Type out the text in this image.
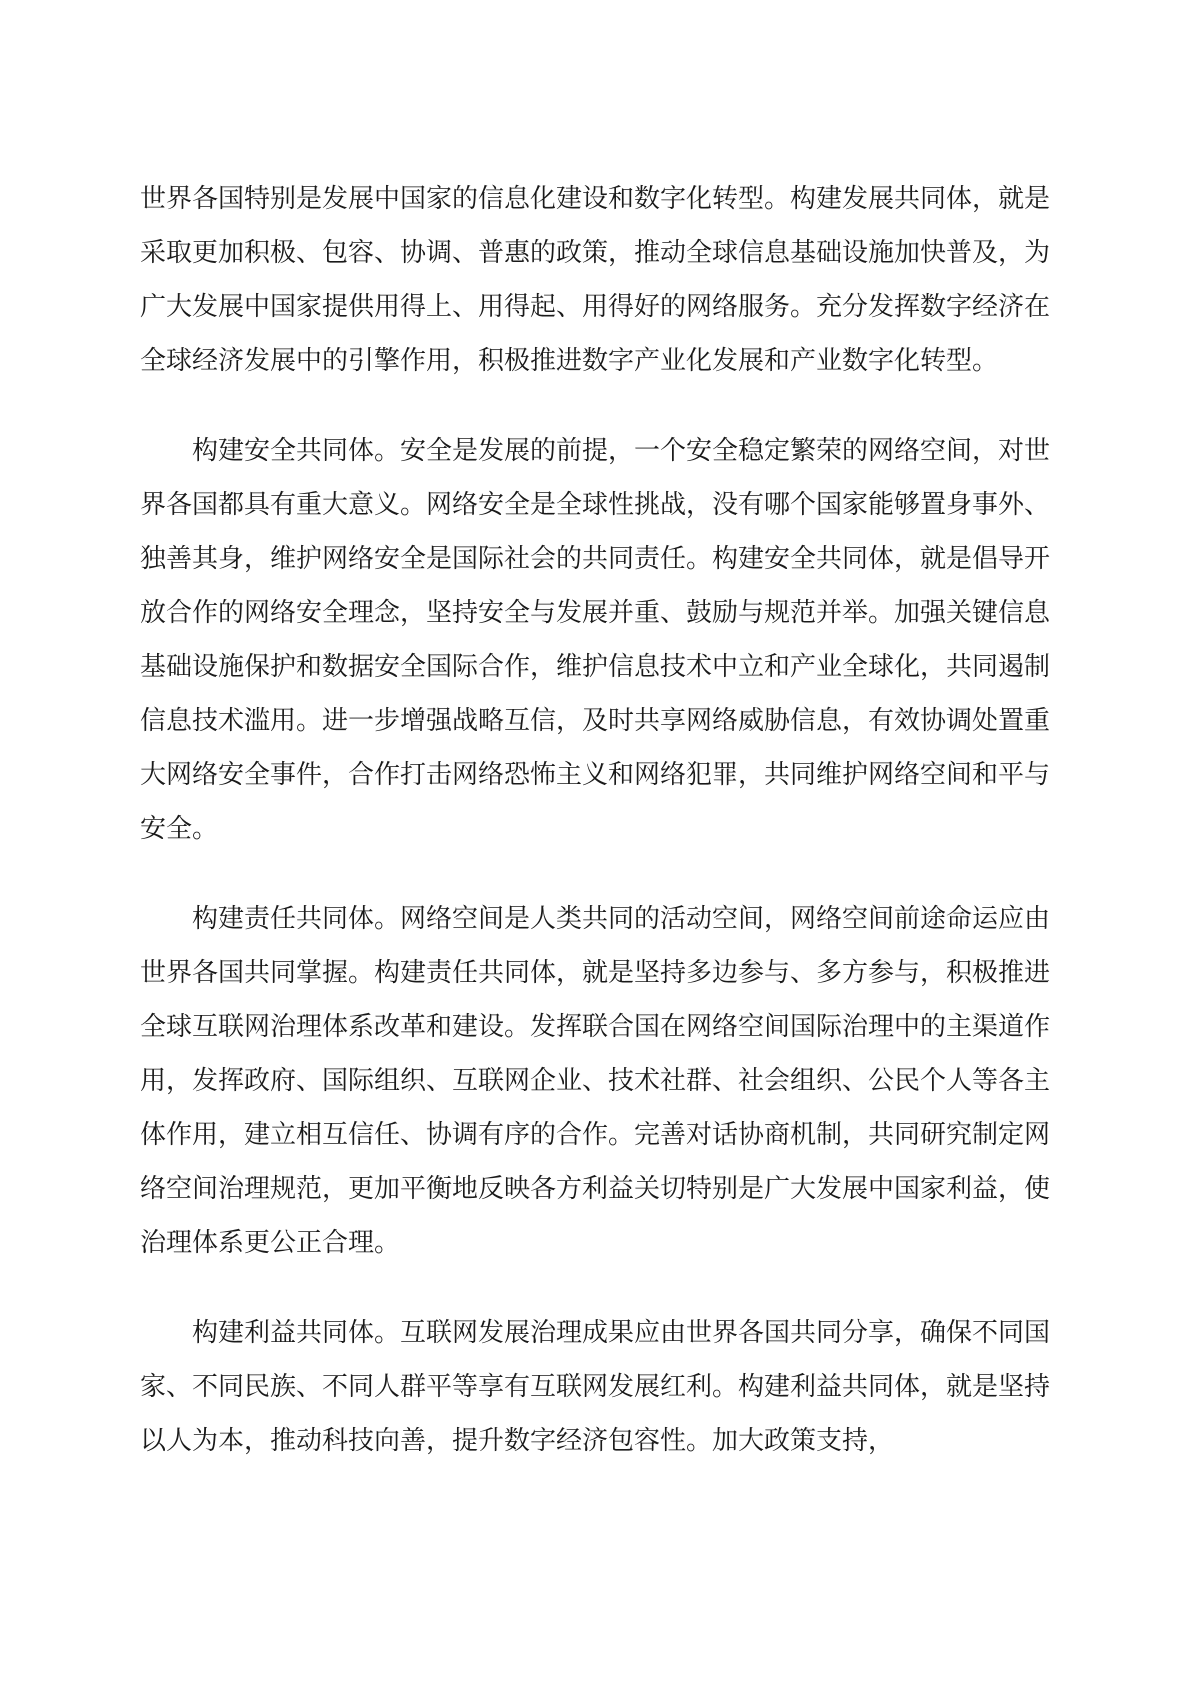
世界各国特别是发展中国家的信息化建设和数字化转型。构建发展共同体，就是采取更加积极、包容、协调、普惠的政策，推动全球信息基础设施加快普及，为广大发展中国家提供用得上、用得起、用得好的网络服务。充分发挥数字经济在全球经济发展中的引擎作用，积极推进数字产业化发展和产业数字化转型。

构建安全共同体。安全是发展的前提，一个安全稳定繁荣的网络空间，对世界各国都具有重大意义。网络安全是全球性挑战，没有哪个国家能够置身事外、独善其身，维护网络安全是国际社会的共同责任。构建安全共同体，就是倡导开放合作的网络安全理念，坚持安全与发展并重、鼓励与规范并举。加强关键信息基础设施保护和数据安全国际合作，维护信息技术中立和产业全球化，共同遏制信息技术滥用。进一步增强战略互信，及时共享网络威胁信息，有效协调处置重大网络安全事件，合作打击网络恐怖主义和网络犯罪，共同维护网络空间和平与安全。

构建责任共同体。网络空间是人类共同的活动空间，网络空间前途命运应由世界各国共同掌握。构建责任共同体，就是坚持多边参与、多方参与，积极推进全球互联网治理体系改革和建设。发挥联合国在网络空间国际治理中的主渠道作用，发挥政府、国际组织、互联网企业、技术社群、社会组织、公民个人等各主体作用，建立相互信任、协调有序的合作。完善对话协商机制，共同研究制定网络空间治理规范，更加平衡地反映各方利益关切特别是广大发展中国家利益，使治理体系更公正合理。

构建利益共同体。互联网发展治理成果应由世界各国共同分享，确保不同国家、不同民族、不同人群平等享有互联网发展红利。构建利益共同体，就是坚持以人为本，推动科技向善，提升数字经济包容性。加大政策支持，
